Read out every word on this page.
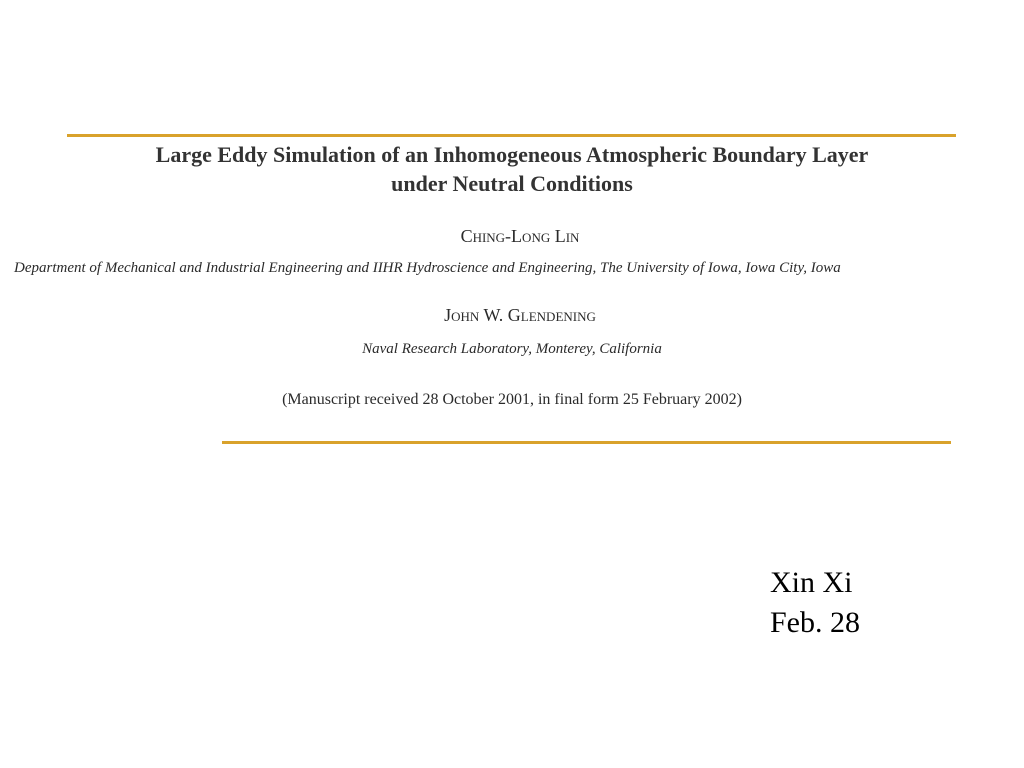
Large Eddy Simulation of an Inhomogeneous Atmospheric Boundary Layer
under Neutral Conditions
Ching-Long Lin
Department of Mechanical and Industrial Engineering and IIHR Hydroscience and Engineering, The University of Iowa, Iowa City, Iowa
John W. Glendening
Naval Research Laboratory, Monterey, California
(Manuscript received 28 October 2001, in final form 25 February 2002)
Xin Xi
Feb. 28
